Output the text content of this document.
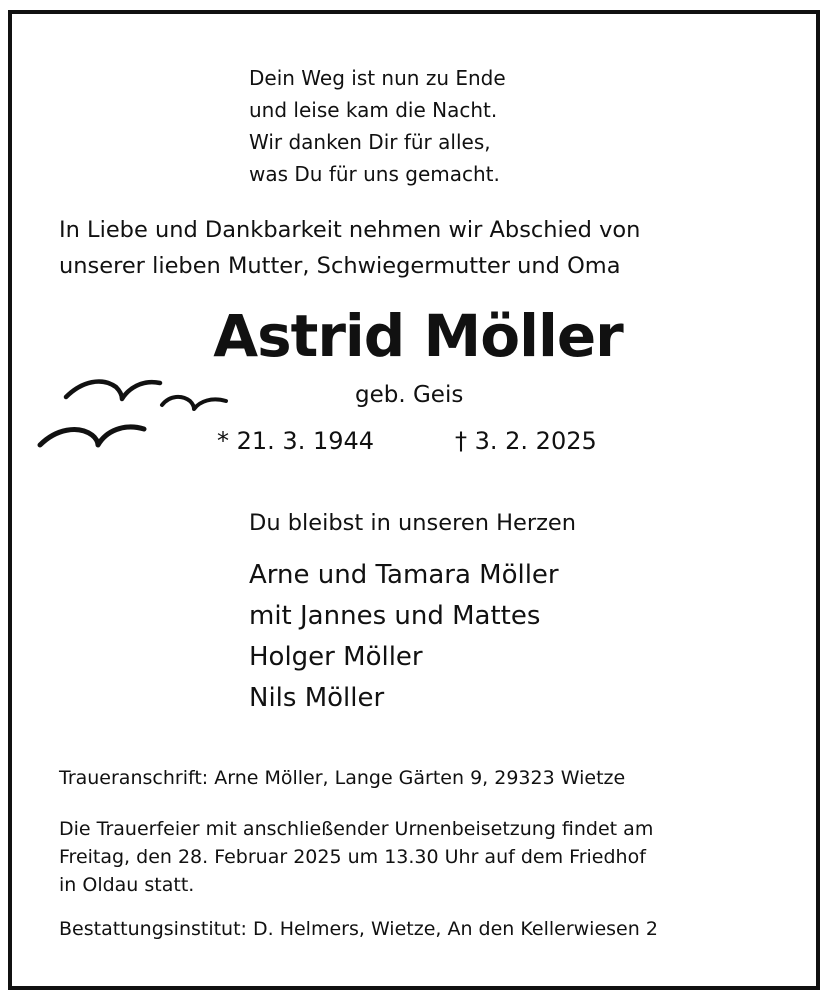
Dein Weg ist nun zu Ende
und leise kam die Nacht.
Wir danken Dir für alles,
was Du für uns gemacht.
In Liebe und Dankbarkeit nehmen wir Abschied von
unserer lieben Mutter, Schwiegermutter und Oma
Astrid Möller
geb. Geis
* 21. 3. 1944	† 3. 2. 2025
Du bleibst in unseren Herzen
Arne und Tamara Möller
mit Jannes und Mattes
Holger Möller
Nils Möller
Traueranschrift: Arne Möller, Lange Gärten 9, 29323 Wietze
Die Trauerfeier mit anschließender Urnenbeisetzung findet am
Freitag, den 28. Februar 2025 um 13.30 Uhr auf dem Friedhof
in Oldau statt.
Bestattungsinstitut: D. Helmers, Wietze, An den Kellerwiesen 2
